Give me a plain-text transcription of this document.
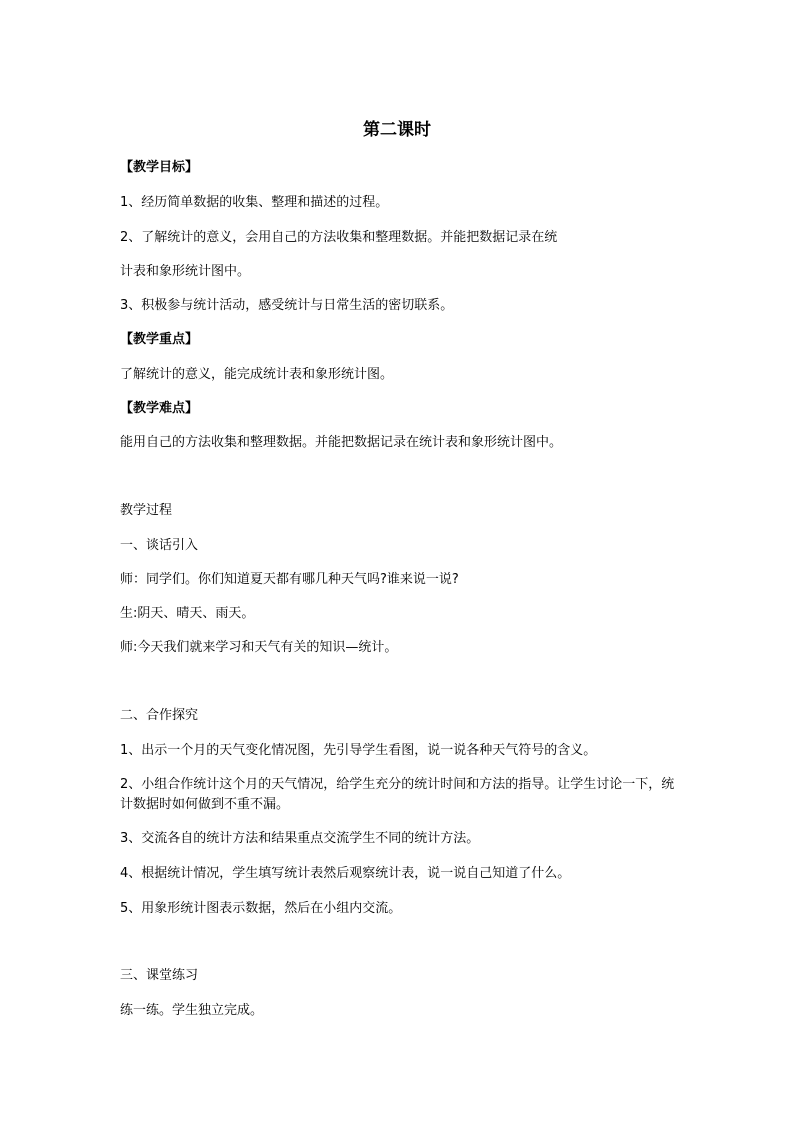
第二课时
【教学目标】
1、经历简单数据的收集、整理和描述的过程。
2、了解统计的意义，会用自己的方法收集和整理数据。并能把数据记录在统
计表和象形统计图中。
3、积极参与统计活动，感受统计与日常生活的密切联系。
【教学重点】
了解统计的意义，能完成统计表和象形统计图。
【教学难点】
能用自己的方法收集和整理数据。并能把数据记录在统计表和象形统计图中。
教学过程
一、谈话引入
师：同学们。你们知道夏天都有哪几种天气吗?谁来说一说?
生:阴天、晴天、雨天。
师:今天我们就来学习和天气有关的知识—统计。
二、合作探究
1、出示一个月的天气变化情况图，先引导学生看图，说一说各种天气符号的含义。
2、小组合作统计这个月的天气情况，给学生充分的统计时间和方法的指导。让学生讨论一下，统计数据时如何做到不重不漏。
3、交流各自的统计方法和结果重点交流学生不同的统计方法。
4、根据统计情况，学生填写统计表然后观察统计表，说一说自己知道了什么。
5、用象形统计图表示数据，然后在小组内交流。
三、课堂练习
练一练。学生独立完成。
